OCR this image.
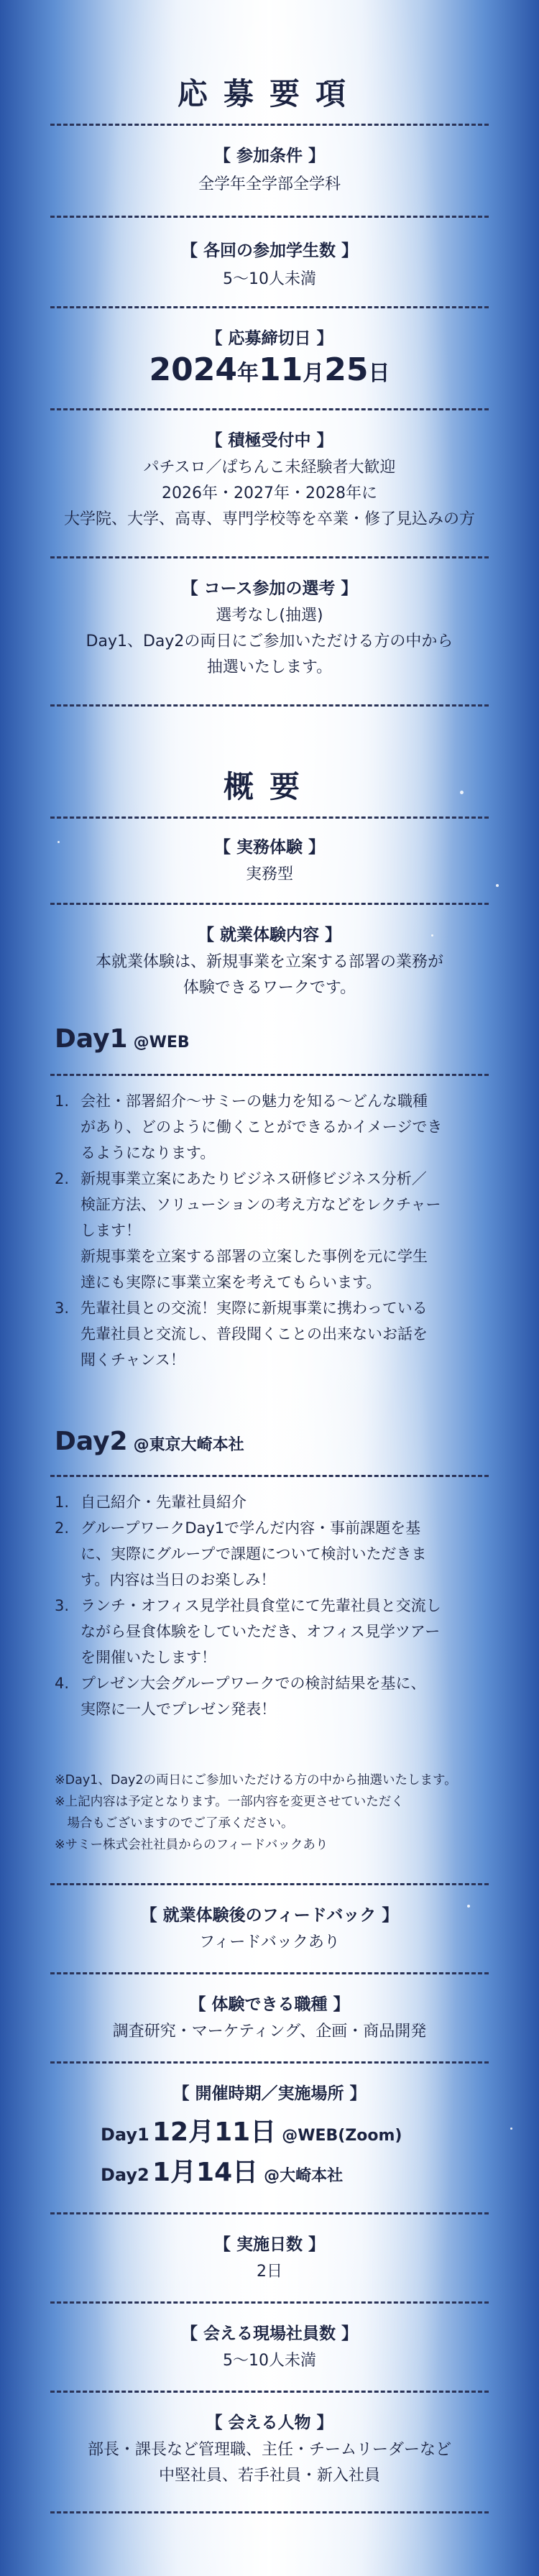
応募要項
【 参加条件 】
全学年全学部全学科
【 各回の参加学生数 】
5～10人未満
【 応募締切日 】
2024年11月25日
【 積極受付中 】
パチスロ／ぱちんこ未経験者大歓迎
2026年・2027年・2028年に
大学院、大学、高専、専門学校等を卒業・修了見込みの方
【 コース参加の選考 】
選考なし(抽選)
Day1、Day2の両日にご参加いただける方の中から
抽選いたします。
概要
【 実務体験 】
実務型
【 就業体験内容 】
本就業体験は、新規事業を立案する部署の業務が
体験できるワークです。
Day1 @WEB
1. 会社・部署紹介～サミーの魅力を知る～どんな職種
があり、どのように働くことができるかイメージでき
るようになります。
2. 新規事業立案にあたりビジネス研修ビジネス分析／
検証方法、ソリューションの考え方などをレクチャー
します！
新規事業を立案する部署の立案した事例を元に学生
達にも実際に事業立案を考えてもらいます。
3. 先輩社員との交流！実際に新規事業に携わっている
先輩社員と交流し、普段聞くことの出来ないお話を
聞くチャンス！
Day2 @東京大崎本社
1. 自己紹介・先輩社員紹介
2. グループワークDay1で学んだ内容・事前課題を基
に、実際にグループで課題について検討いただきま
す。内容は当日のお楽しみ！
3. ランチ・オフィス見学社員食堂にて先輩社員と交流し
ながら昼食体験をしていただき、オフィス見学ツアー
を開催いたします！
4. プレゼン大会グループワークでの検討結果を基に、
実際に一人でプレゼン発表！
※Day1、Day2の両日にご参加いただける方の中から抽選いたします。
※上記内容は予定となります。一部内容を変更させていただく
　場合もございますのでご了承ください。
※サミー株式会社社員からのフィードバックあり
【 就業体験後のフィードバック 】
フィードバックあり
【 体験できる職種 】
調査研究・マーケティング、企画・商品開発
【 開催時期／実施場所 】
Day1 12月11日 @WEB(Zoom)
Day2 1月14日 @大崎本社
【 実施日数 】
2日
【 会える現場社員数 】
5～10人未満
【 会える人物 】
部長・課長など管理職、主任・チームリーダーなど
中堅社員、若手社員・新入社員
